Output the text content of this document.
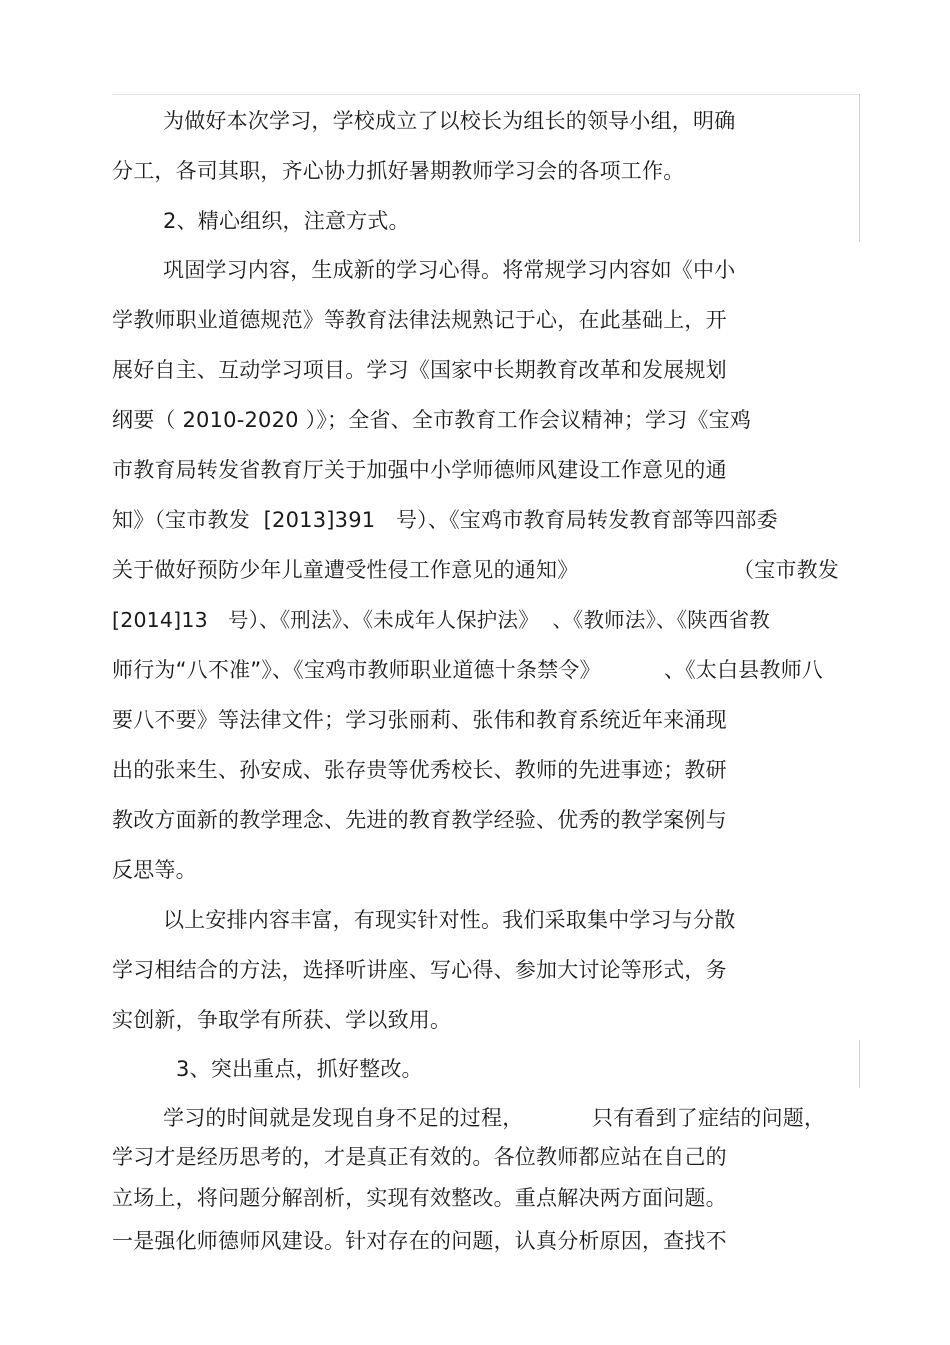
为做好本次学习，学校成立了以校长为组长的领导小组，明确
分工，各司其职，齐心协力抓好暑期教师学习会的各项工作。
2、精心组织，注意方式。
巩固学习内容，生成新的学习心得。将常规学习内容如《中小
学教师职业道德规范》等教育法律法规熟记于心，在此基础上，开
展好自主、互动学习项目。学习《国家中长期教育改革和发展规划
纲要（ 2010-2020 ）》；全省、全市教育工作会议精神；学习《宝鸡
市教育局转发省教育厅关于加强中小学师德师风建设工作意见的通
知》（宝市教发  [2013]391   号）、《宝鸡市教育局转发教育部等四部委
关于做好预防少年儿童遭受性侵工作意见的通知》	（宝市教发
[2014]13   号）、《刑法》、《未成年人保护法》  、《教师法》、《陕西省教
师行为“八不准”》、《宝鸡市教师职业道德十条禁令》	、《太白县教师八
要八不要》等法律文件；学习张丽莉、张伟和教育系统近年来涌现
出的张来生、孙安成、张存贵等优秀校长、教师的先进事迹；教研
教改方面新的教学理念、先进的教育教学经验、优秀的教学案例与
反思等。
以上安排内容丰富，有现实针对性。我们采取集中学习与分散
学习相结合的方法，选择听讲座、写心得、参加大讨论等形式，务
实创新，争取学有所获、学以致用。
3、突出重点，抓好整改。
学习的时间就是发现自身不足的过程，	只有看到了症结的问题，
学习才是经历思考的，才是真正有效的。各位教师都应站在自己的
立场上，将问题分解剖析，实现有效整改。重点解决两方面问题。
一是强化师德师风建设。针对存在的问题，认真分析原因，查找不
